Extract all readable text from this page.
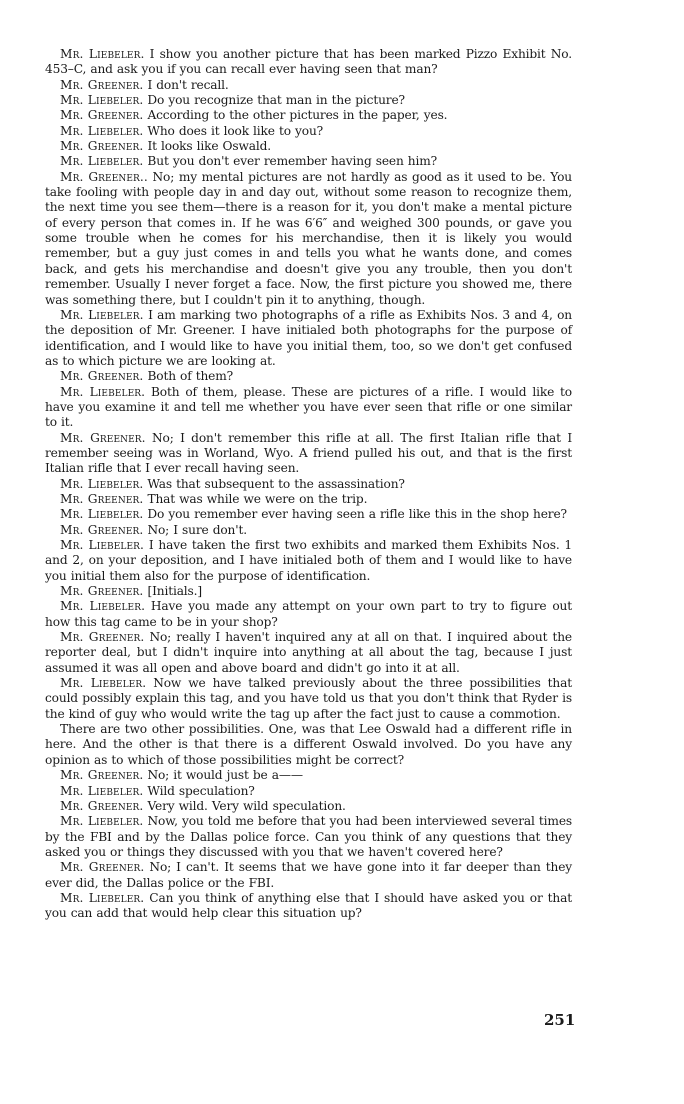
Mr. Liebeler. I show you another picture that has been marked Pizzo Exhibit No. 453–C, and ask you if you can recall ever having seen that man?

Mr. Greener. I don't recall.

Mr. Liebeler. Do you recognize that man in the picture?

Mr. Greener. According to the other pictures in the paper, yes.

Mr. Liebeler. Who does it look like to you?

Mr. Greener. It looks like Oswald.

Mr. Liebeler. But you don't ever remember having seen him?

Mr. Greener.. No; my mental pictures are not hardly as good as it used to be. You take fooling with people day in and day out, without some reason to recognize them, the next time you see them—there is a reason for it, you don't make a mental picture of every person that comes in. If he was 6′6″ and weighed 300 pounds, or gave you some trouble when he comes for his merchandise, then it is likely you would remember, but a guy just comes in and tells you what he wants done, and comes back, and gets his merchandise and doesn't give you any trouble, then you don't remember. Usually I never forget a face. Now, the first picture you showed me, there was something there, but I couldn't pin it to anything, though.

Mr. Liebeler. I am marking two photographs of a rifle as Exhibits Nos. 3 and 4, on the deposition of Mr. Greener. I have initialed both photographs for the purpose of identification, and I would like to have you initial them, too, so we don't get confused as to which picture we are looking at.

Mr. Greener. Both of them?

Mr. Liebeler. Both of them, please. These are pictures of a rifle. I would like to have you examine it and tell me whether you have ever seen that rifle or one similar to it.

Mr. Greener. No; I don't remember this rifle at all. The first Italian rifle that I remember seeing was in Worland, Wyo. A friend pulled his out, and that is the first Italian rifle that I ever recall having seen.

Mr. Liebeler. Was that subsequent to the assassination?

Mr. Greener. That was while we were on the trip.

Mr. Liebeler. Do you remember ever having seen a rifle like this in the shop here?

Mr. Greener. No; I sure don't.

Mr. Liebeler. I have taken the first two exhibits and marked them Exhibits Nos. 1 and 2, on your deposition, and I have initialed both of them and I would like to have you initial them also for the purpose of identification.

Mr. Greener. [Initials.]

Mr. Liebeler. Have you made any attempt on your own part to try to figure out how this tag came to be in your shop?

Mr. Greener. No; really I haven't inquired any at all on that. I inquired about the reporter deal, but I didn't inquire into anything at all about the tag, because I just assumed it was all open and above board and didn't go into it at all.

Mr. Liebeler. Now we have talked previously about the three possibilities that could possibly explain this tag, and you have told us that you don't think that Ryder is the kind of guy who would write the tag up after the fact just to cause a commotion.

There are two other possibilities. One, was that Lee Oswald had a different rifle in here. And the other is that there is a different Oswald involved. Do you have any opinion as to which of those possibilities might be correct?

Mr. Greener. No; it would just be a——

Mr. Liebeler. Wild speculation?

Mr. Greener. Very wild. Very wild speculation.

Mr. Liebeler. Now, you told me before that you had been interviewed several times by the FBI and by the Dallas police force. Can you think of any questions that they asked you or things they discussed with you that we haven't covered here?

Mr. Greener. No; I can't. It seems that we have gone into it far deeper than they ever did, the Dallas police or the FBI.

Mr. Liebeler. Can you think of anything else that I should have asked you or that you can add that would help clear this situation up?

251
